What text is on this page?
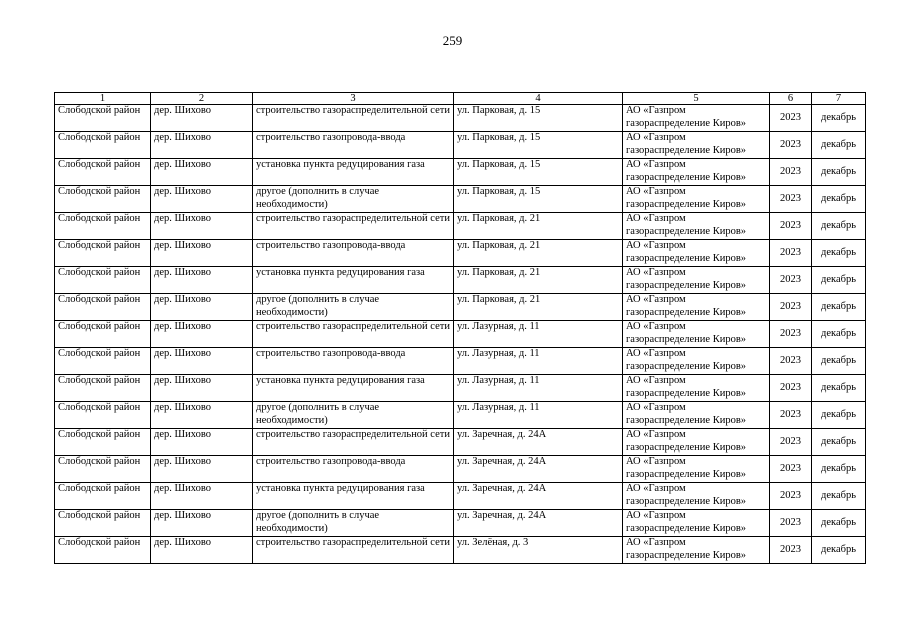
259
1	2	3	4	5	6	7
Слободской район	дер. Шихово	строительство газораспределительной сети	ул. Парковая, д. 15	АО «Газпром газораспределение Киров»	2023	декабрь
Слободской район	дер. Шихово	строительство газопровода-ввода	ул. Парковая, д. 15	АО «Газпром газораспределение Киров»	2023	декабрь
Слободской район	дер. Шихово	установка пункта редуцирования газа	ул. Парковая, д. 15	АО «Газпром газораспределение Киров»	2023	декабрь
Слободской район	дер. Шихово	другое (дополнить в случае необходимости)	ул. Парковая, д. 15	АО «Газпром газораспределение Киров»	2023	декабрь
Слободской район	дер. Шихово	строительство газораспределительной сети	ул. Парковая, д. 21	АО «Газпром газораспределение Киров»	2023	декабрь
Слободской район	дер. Шихово	строительство газопровода-ввода	ул. Парковая, д. 21	АО «Газпром газораспределение Киров»	2023	декабрь
Слободской район	дер. Шихово	установка пункта редуцирования газа	ул. Парковая, д. 21	АО «Газпром газораспределение Киров»	2023	декабрь
Слободской район	дер. Шихово	другое (дополнить в случае необходимости)	ул. Парковая, д. 21	АО «Газпром газораспределение Киров»	2023	декабрь
Слободской район	дер. Шихово	строительство газораспределительной сети	ул. Лазурная, д. 11	АО «Газпром газораспределение Киров»	2023	декабрь
Слободской район	дер. Шихово	строительство газопровода-ввода	ул. Лазурная, д. 11	АО «Газпром газораспределение Киров»	2023	декабрь
Слободской район	дер. Шихово	установка пункта редуцирования газа	ул. Лазурная, д. 11	АО «Газпром газораспределение Киров»	2023	декабрь
Слободской район	дер. Шихово	другое (дополнить в случае необходимости)	ул. Лазурная, д. 11	АО «Газпром газораспределение Киров»	2023	декабрь
Слободской район	дер. Шихово	строительство газораспределительной сети	ул. Заречная, д. 24А	АО «Газпром газораспределение Киров»	2023	декабрь
Слободской район	дер. Шихово	строительство газопровода-ввода	ул. Заречная, д. 24А	АО «Газпром газораспределение Киров»	2023	декабрь
Слободской район	дер. Шихово	установка пункта редуцирования газа	ул. Заречная, д. 24А	АО «Газпром газораспределение Киров»	2023	декабрь
Слободской район	дер. Шихово	другое (дополнить в случае необходимости)	ул. Заречная, д. 24А	АО «Газпром газораспределение Киров»	2023	декабрь
Слободской район	дер. Шихово	строительство газораспределительной сети	ул. Зелёная, д. 3	АО «Газпром газораспределение Киров»	2023	декабрь
